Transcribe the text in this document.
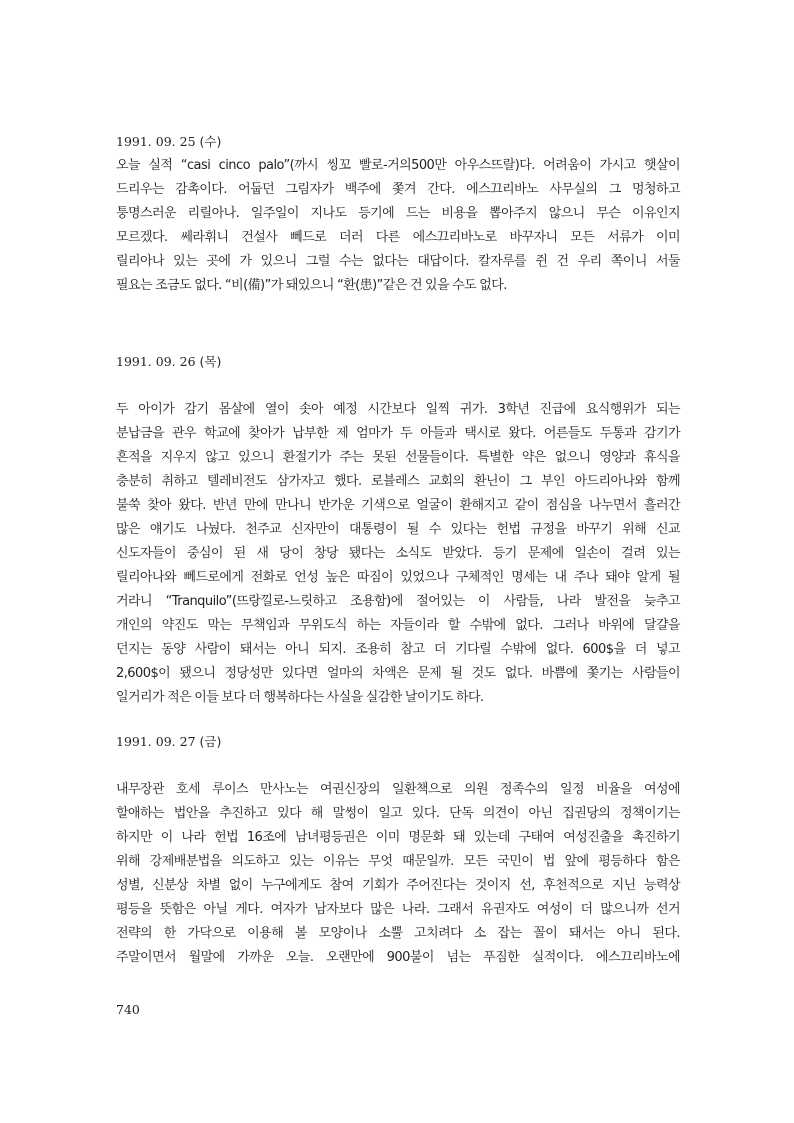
1991. 09. 25 (수)

오늘 실적 “casi cinco palo”(까시 씽꼬 빨로-거의500만 아우스뜨랄)다. 어려움이 가시고 햇살이
드리우는 감촉이다. 어둡던 그림자가 백주에 쫓겨 간다. 에스끄리바노 사무실의 그 멍청하고
퉁명스러운 리릴아나. 일주일이 지나도 등기에 드는 비용을 뽑아주지 않으니 무슨 이유인지
모르겠다. 쎄라휘니 건설사 뻬드로 더러 다른 에스끄리바노로 바꾸자니 모든 서류가 이미
릴리아나 있는 곳에 가 있으니 그럴 수는 없다는 대답이다. 칼자루를 쥔 건 우리 쪽이니 서둘
필요는 조금도 없다. “비(備)”가 돼있으니 “환(患)”같은 건 있을 수도 없다.

1991. 09. 26 (목)

두 아이가 감기 몸살에 열이 솟아 예정 시간보다 일찍 귀가. 3학년 진급에 요식행위가 되는
분납금을 관우 학교에 찾아가 납부한 제 엄마가 두 아들과 택시로 왔다. 어른들도 두통과 감기가
흔적을 지우지 않고 있으니 환절기가 주는 못된 선물들이다. 특별한 약은 없으니 영양과 휴식을
충분히 취하고 텔레비전도 삼가자고 했다. 로블레스 교회의 환닌이 그 부인 아드리아나와 함께
불쑥 찾아 왔다. 반년 만에 만나니 반가운 기색으로 얼굴이 환해지고 같이 점심을 나누면서 흘러간
많은 얘기도 나눴다. 천주교 신자만이 대통령이 될 수 있다는 헌법 규정을 바꾸기 위해 신교
신도자들이 중심이 된 새 당이 창당 됐다는 소식도 받았다. 등기 문제에 일손이 걸려 있는
릴리아나와 뻬드로에게 전화로 언성 높은 따짐이 있었으나 구체적인 명세는 내 주나 돼야 알게 될
거라니 “Tranquilo”(뜨랑낄로-느릿하고 조용함)에 절어있는 이 사람들, 나라 발전을 늦추고
개인의 약진도 막는 무책임과 무위도식 하는 자들이라 할 수밖에 없다. 그러나 바위에 달걀을
던지는 동양 사람이 돼서는 아니 되지. 조용히 참고 더 기다릴 수밖에 없다. 600$을 더 넣고
2,600$이 됐으니 정당성만 있다면 얼마의 차액은 문제 될 것도 없다. 바쁨에 쫓기는 사람들이
일거리가 적은 이들 보다 더 행복하다는 사실을 실감한 날이기도 하다.

1991. 09. 27 (금)

내무장관 호세 루이스 만사노는 여권신장의 일환책으로 의원 정족수의 일정 비율을 여성에
할애하는 법안을 추진하고 있다 해 말썽이 일고 있다. 단독 의견이 아닌 집권당의 정책이기는
하지만 이 나라 헌법 16조에 남녀평등권은 이미 명문화 돼 있는데 구태여 여성진출을 촉진하기
위해 강제배분법을 의도하고 있는 이유는 무엇 때문일까. 모든 국민이 법 앞에 평등하다 함은
성별, 신분상 차별 없이 누구에게도 참여 기회가 주어진다는 것이지 선, 후천적으로 지닌 능력상
평등을 뜻함은 아닐 게다. 여자가 남자보다 많은 나라. 그래서 유권자도 여성이 더 많으니까 선거
전략의 한 가닥으로 이용해 볼 모양이나 소뿔 고치려다 소 잡는 꼴이 돼서는 아니 된다.
주말이면서 월말에 가까운 오늘. 오랜만에 900불이 넘는 푸짐한 실적이다. 에스끄리바노에
740
